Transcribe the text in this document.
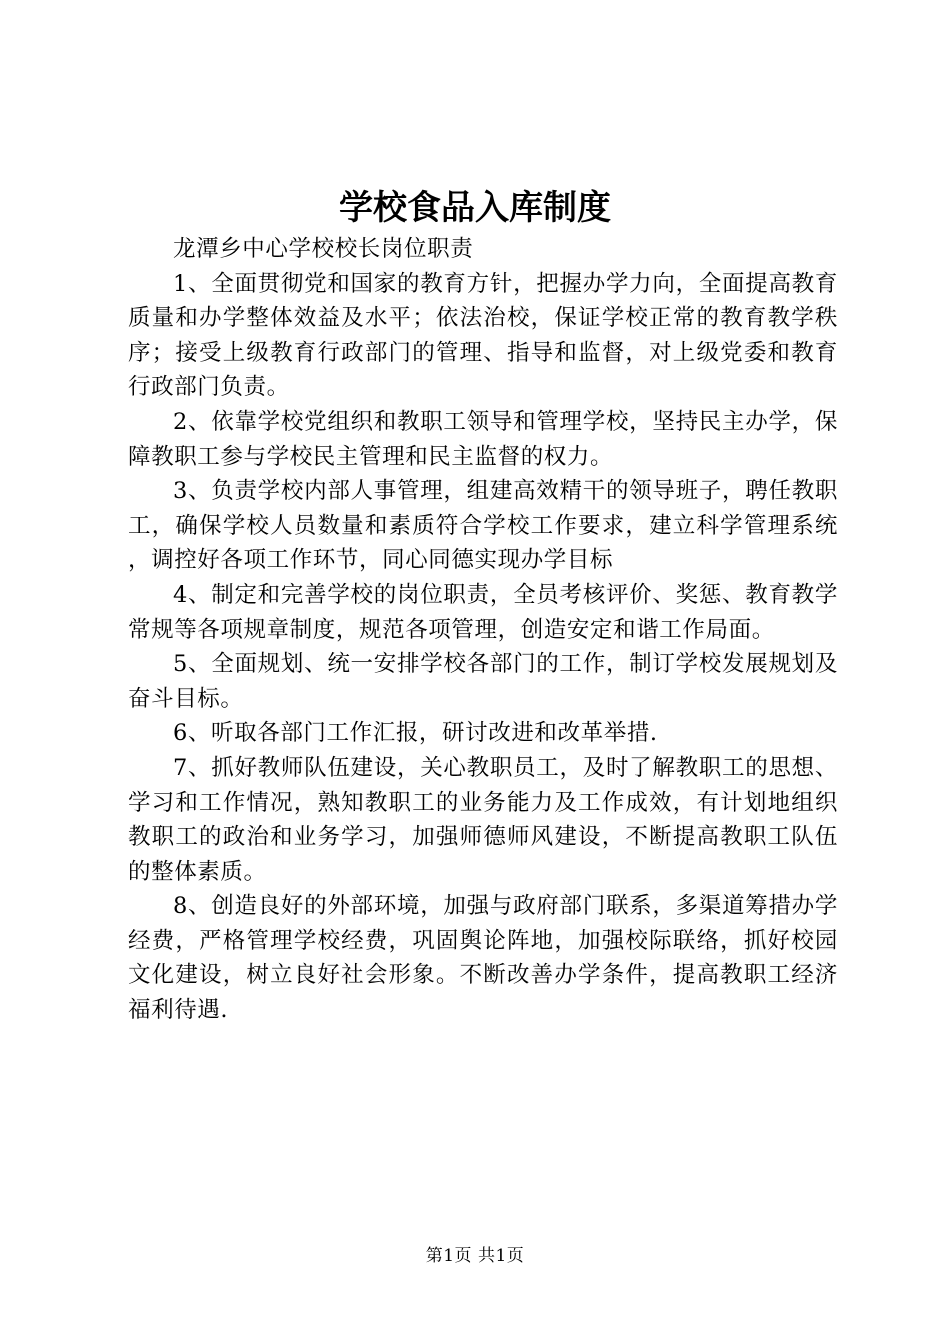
学校食品入库制度

龙潭乡中心学校校长岗位职责

1、全面贯彻党和国家的教育方针，把握办学力向，全面提高教育质量和办学整体效益及水平；依法治校，保证学校正常的教育教学秩序；接受上级教育行政部门的管理、指导和监督，对上级党委和教育行政部门负责。

2、依靠学校党组织和教职工领导和管理学校，坚持民主办学，保障教职工参与学校民主管理和民主监督的权力。

3、负责学校内部人事管理，组建高效精干的领导班子，聘任教职工，确保学校人员数量和素质符合学校工作要求，建立科学管理系统，调控好各项工作环节，同心同德实现办学目标

4、制定和完善学校的岗位职责，全员考核评价、奖惩、教育教学常规等各项规章制度，规范各项管理，创造安定和谐工作局面。

5、全面规划、统一安排学校各部门的工作，制订学校发展规划及奋斗目标。

6、听取各部门工作汇报，研讨改进和改革举措.

7、抓好教师队伍建设，关心教职员工，及时了解教职工的思想、学习和工作情况，熟知教职工的业务能力及工作成效，有计划地组织教职工的政治和业务学习，加强师德师风建设，不断提高教职工队伍的整体素质。

8、创造良好的外部环境，加强与政府部门联系，多渠道筹措办学经费，严格管理学校经费，巩固舆论阵地，加强校际联络，抓好校园文化建设，树立良好社会形象。不断改善办学条件，提高教职工经济福利待遇.

第1页 共1页
